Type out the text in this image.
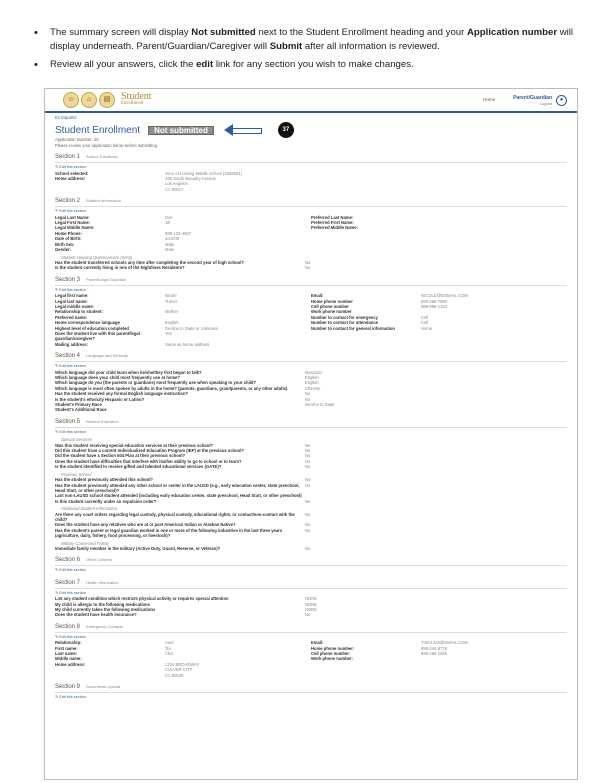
• The summary screen will display Not submitted next to the Student Enrollment heading and your Application number will display underneath. Parent/Guardian/Caregiver will Submit after all information is reviewed.
• Review all your answers, click the edit link for any section you wish to make changes.
☺	⌂	▤	Student
Enrollment
Home	Parent/Guardian
Logout
●
En Español
Student Enrollment	Not submitted	37
Application Number: 26
Please review your application below before submitting.
Section 1 School & Address
✎ Edit this section
School selected:	Jonn Al Locking Middle School (1806651)
Home address:	335 South Beaudry Avenue
Los Angeles
CA 90017
Section 2 Student Information
✎ Edit this section
Legal Last Name:	Doe	Preferred Last Name:
Legal First Name:	Jill	Preferred First Name:
Legal Middle Name:	Preferred Middle Name:
Home Phone:	888-123-4567
Date of Birth:	10/1/08
Birth Sex:	Male
Gender:	Male
Student Housing Questionnaire (SHQ)
Has the student transferred schools any time after completing the second year of high school?	No
Is the student currently living in one of the Nightlines Residents?	No
Section 3 Parent/Legal Guardian
✎ Edit this section
Legal first name:	Nicole	Email:	NICOLE@DOMAIL.COM
Legal last name:	Turner	Home phone number	888-456-7890
Legal middle name:	Cell phone number	888-999-1234
Relationship to student:	Mother	Work phone number
Preferred name:	Number to contact for emergency	Cell
Home correspondence language	English	Number to contact for attendance	Cell
Highest level of education completed	Decline to State or Unknown	Number to contact for general information	Home
Does the student live with this parent/legal guardian/caregiver?
Yes
Mailing address:	Same as home address
Section 4 Language and Ethnicity
✎ Edit this section
Which language did your child learn when he/she/they first began to talk?	Mandarin
Which language does your child most frequently use at home?	English
Which language do you (the parents or guardians) most frequently use when speaking to your child?	English
Which language is most often spoken by adults in the home? (parents, guardians, grandparents, or any other adults)	Chinese
Has the student received any formal English language instruction?	No
Is the student's ethnicity Hispanic or Latino?	No
Student's Primary Race	Decline to State
Student's Additional Race
Section 5 Student Education
✎ Edit this section
Special Services
Was this student receiving special education services at their previous school?	No
Did this student have a current Individualized Education Program (IEP) at the previous school?	No
Did the student have a Section 504 Plan at their previous school?	No
Does the student have difficulties that interfere with his/her ability to go to school or to learn?	No
Is the student identified to receive gifted and talented educational services (GATE)?	No
Previous School
Has the student previously attended this school?	No
Has the student previously attended any other school or center in the LAUSD (e.g., early education center, state preschool, Head Start, or other preschool)?
No
Last non-LAUSD school student attended (including early education center, state preschool, Head Start, or other preschool)
Is this student currently under an expulsion order?	No
Additional Student Information
Are there any court orders regarding legal custody, physical custody, educational rights, or contact/non-contact with the child?
No
Does the student have any relatives who are at or past American Indian or Alaskan Native?	No
Has the student's parent or legal guardian worked in one or more of the following industries in the last three years (agriculture, dairy, fishery, food processing, or livestock)?
No
Military Connected Family
Immediate family member in the military (Active Duty, Guard, Reserve, or Veteran)?	No
Section 6 Other Children
✎ Edit this section
Section 7 Health Information
✎ Edit this section
List any student condition which restricts physical activity or requires special attention	NONE
My child is allergic to the following medications	NONE
My child currently takes the following medications	NONE
Does the student have health insurance?	No
Section 8 Emergency Contacts
✎ Edit this section
Relationship:	Aunt	Email:	TINA1234@DMAIL.COM
First name:	Tia	Home phone number:	888-444-8776
Last name:	Chin	Cell phone number:	888-456-1156
Middle name:	Work phone number:
Home address:	1234 BROADWAY
CULVER CITY
CA 90045
Section 9 Documents Upload
✎ Edit this section
